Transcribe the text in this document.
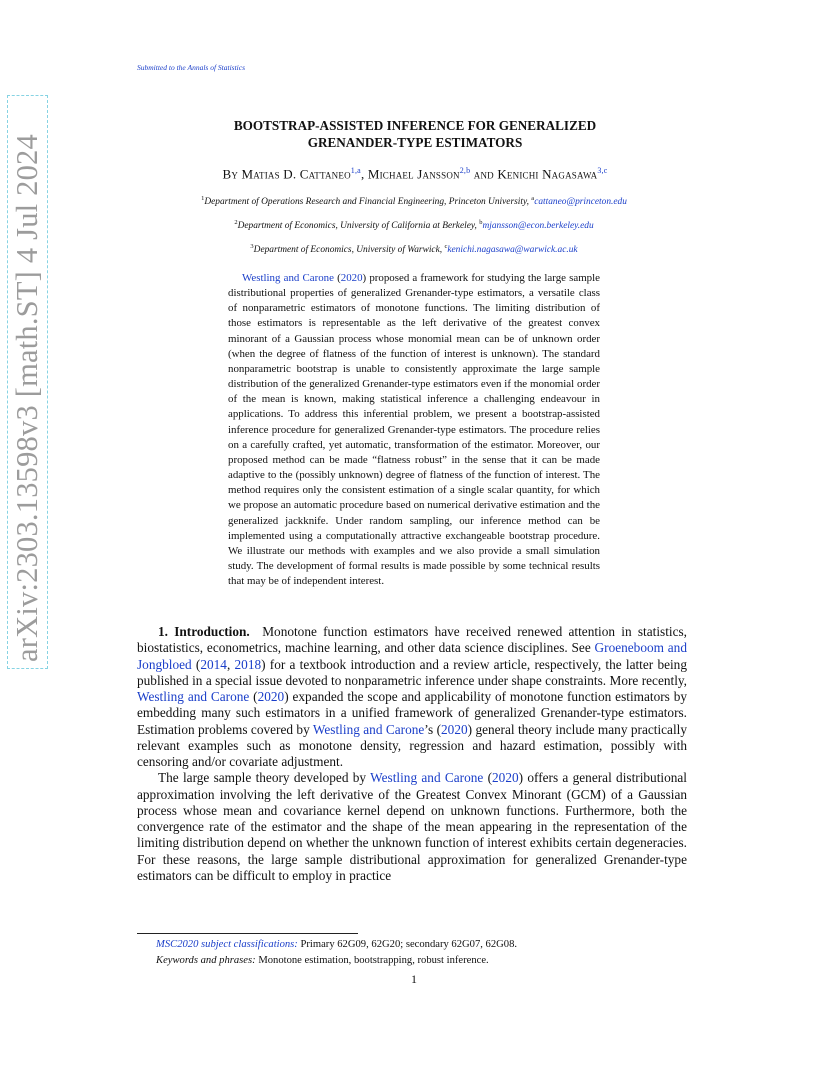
Submitted to the Annals of Statistics
BOOTSTRAP-ASSISTED INFERENCE FOR GENERALIZED
GRENANDER-TYPE ESTIMATORS
By Matias D. Cattaneo$^{1,a}$, Michael Jansson$^{2,b}$ and Kenichi Nagasawa$^{3,c}$
$^1$Department of Operations Research and Financial Engineering, Princeton University, $^a$cattaneo@princeton.edu
$^2$Department of Economics, University of California at Berkeley, $^b$mjansson@econ.berkeley.edu
$^3$Department of Economics, University of Warwick, $^c$kenichi.nagasawa@warwick.ac.uk
Westling and Carone (2020) proposed a framework for studying the large sample distributional properties of generalized Grenander-type estimators, a versatile class of nonparametric estimators of monotone functions. The limiting distribution of those estimators is representable as the left derivative of the greatest convex minorant of a Gaussian process whose monomial mean can be of unknown order (when the degree of flatness of the function of interest is unknown). The standard nonparametric bootstrap is unable to consistently approximate the large sample distribution of the generalized Grenander-type estimators even if the monomial order of the mean is known, making statistical inference a challenging endeavour in applications. To address this inferential problem, we present a bootstrap-assisted inference procedure for generalized Grenander-type estimators. The procedure relies on a carefully crafted, yet automatic, transformation of the estimator. Moreover, our proposed method can be made “flatness robust” in the sense that it can be made adaptive to the (possibly unknown) degree of flatness of the function of interest. The method requires only the consistent estimation of a single scalar quantity, for which we propose an automatic procedure based on numerical derivative estimation and the generalized jackknife. Under random sampling, our inference method can be implemented using a computationally attractive exchangeable bootstrap procedure. We illustrate our methods with examples and we also provide a small simulation study. The development of formal results is made possible by some technical results that may be of independent interest.

1. Introduction. Monotone function estimators have received renewed attention in statistics, biostatistics, econometrics, machine learning, and other data science disciplines. See Groeneboom and Jongbloed (2014, 2018) for a textbook introduction and a review article, respectively, the latter being published in a special issue devoted to nonparametric inference under shape constraints. More recently, Westling and Carone (2020) expanded the scope and applicability of monotone function estimators by embedding many such estimators in a unified framework of generalized Grenander-type estimators. Estimation problems covered by Westling and Carone’s (2020) general theory include many practically relevant examples such as monotone density, regression and hazard estimation, possibly with censoring and/or covariate adjustment.

The large sample theory developed by Westling and Carone (2020) offers a general distributional approximation involving the left derivative of the Greatest Convex Minorant (GCM) of a Gaussian process whose mean and covariance kernel depend on unknown functions. Furthermore, both the convergence rate of the estimator and the shape of the mean appearing in the representation of the limiting distribution depend on whether the unknown function of interest exhibits certain degeneracies. For these reasons, the large sample distributional approximation for generalized Grenander-type estimators can be difficult to employ in practice

MSC2020 subject classifications: Primary 62G09, 62G20; secondary 62G07, 62G08.
Keywords and phrases: Monotone estimation, bootstrapping, robust inference.
1
arXiv:2303.13598v3 [math.ST] 4 Jul 2024
